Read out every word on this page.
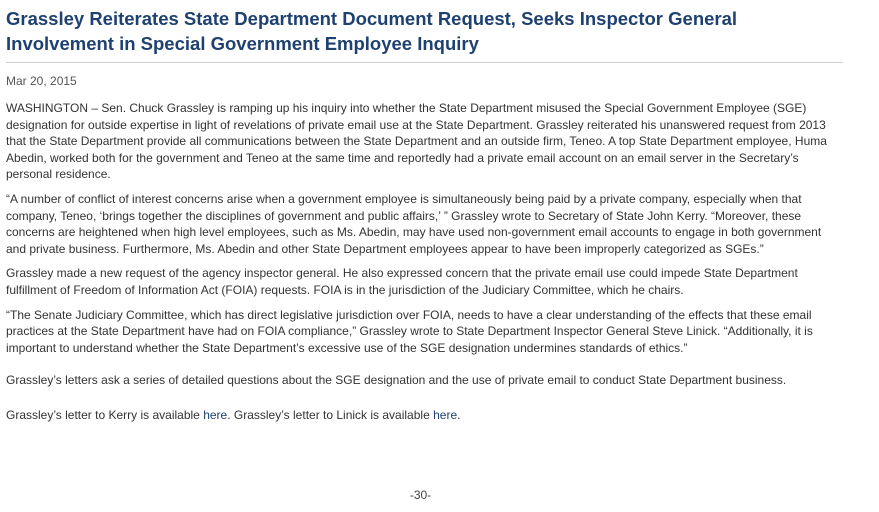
Grassley Reiterates State Department Document Request, Seeks Inspector General Involvement in Special Government Employee Inquiry
Mar 20, 2015

WASHINGTON – Sen. Chuck Grassley is ramping up his inquiry into whether the State Department misused the Special Government Employee (SGE) designation for outside expertise in light of revelations of private email use at the State Department. Grassley reiterated his unanswered request from 2013 that the State Department provide all communications between the State Department and an outside firm, Teneo. A top State Department employee, Huma Abedin, worked both for the government and Teneo at the same time and reportedly had a private email account on an email server in the Secretary’s personal residence.

“A number of conflict of interest concerns arise when a government employee is simultaneously being paid by a private company, especially when that company, Teneo, ‘brings together the disciplines of government and public affairs,’ ” Grassley wrote to Secretary of State John Kerry. “Moreover, these concerns are heightened when high level employees, such as Ms. Abedin, may have used non-government email accounts to engage in both government and private business. Furthermore, Ms. Abedin and other State Department employees appear to have been improperly categorized as SGEs.”

Grassley made a new request of the agency inspector general. He also expressed concern that the private email use could impede State Department fulfillment of Freedom of Information Act (FOIA) requests. FOIA is in the jurisdiction of the Judiciary Committee, which he chairs.

“The Senate Judiciary Committee, which has direct legislative jurisdiction over FOIA, needs to have a clear understanding of the effects that these email practices at the State Department have had on FOIA compliance,” Grassley wrote to State Department Inspector General Steve Linick. “Additionally, it is important to understand whether the State Department’s excessive use of the SGE designation undermines standards of ethics.”

Grassley’s letters ask a series of detailed questions about the SGE designation and the use of private email to conduct State Department business.

Grassley’s letter to Kerry is available here. Grassley’s letter to Linick is available here.

-30-
